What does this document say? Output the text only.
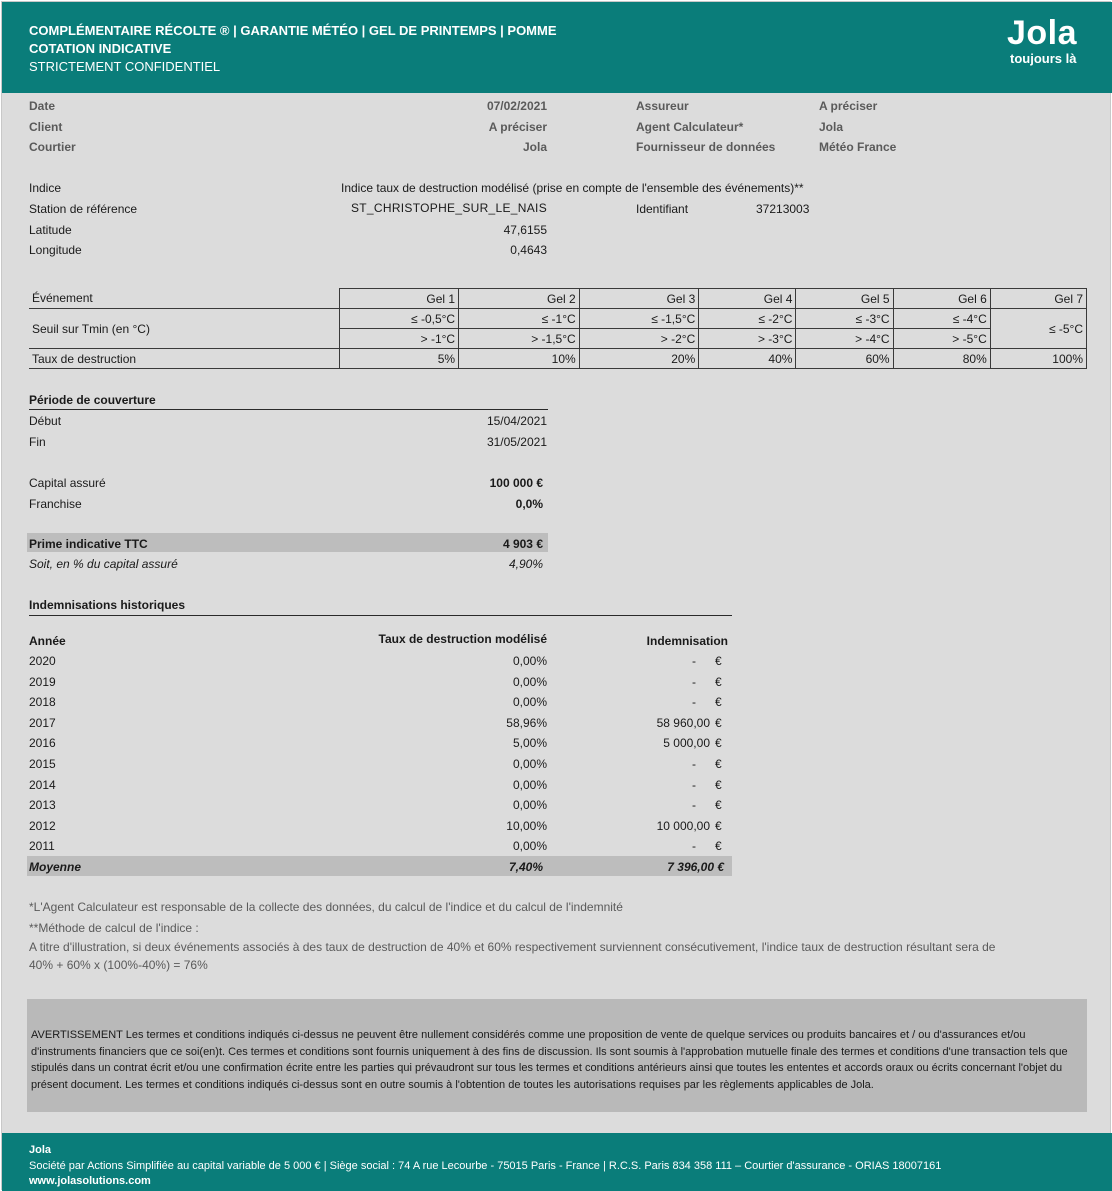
COMPLÉMENTAIRE RÉCOLTE ® | GARANTIE MÉTÉO | GEL DE PRINTEMPS | POMME
COTATION INDICATIVE
STRICTEMENT CONFIDENTIEL
Jola
toujours là
Date	07/02/2021
Client	A préciser
Courtier	Jola
Assureur	A préciser
Agent Calculateur*	Jola
Fournisseur de données	Météo France
Indice	Indice taux de destruction modélisé (prise en compte de l'ensemble des événements)**
Station de référence	ST_CHRISTOPHE_SUR_LE_NAIS	Identifiant	37213003
Latitude	47,6155
Longitude	0,4643
Événement	Gel 1	Gel 2	Gel 3	Gel 4	Gel 5	Gel 6	Gel 7
Seuil sur Tmin (en °C)	≤ -0,5°C	≤ -1°C	≤ -1,5°C	≤ -2°C	≤ -3°C	≤ -4°C	≤ -5°C
	> -1°C	> -1,5°C	> -2°C	> -3°C	> -4°C	> -5°C	
Taux de destruction	5%	10%	20%	40%	60%	80%	100%
Période de couverture
Début	15/04/2021
Fin	31/05/2021
Capital assuré	100 000 €
Franchise	0,0%
Prime indicative TTC	4 903 €
Soit, en % du capital assuré	4,90%
Indemnisations historiques
Année	Taux de destruction modélisé	Indemnisation
2020	0,00%	- €
2019	0,00%	- €
2018	0,00%	- €
2017	58,96%	58 960,00 €
2016	5,00%	5 000,00 €
2015	0,00%	- €
2014	0,00%	- €
2013	0,00%	- €
2012	10,00%	10 000,00 €
2011	0,00%	- €
Moyenne	7,40%	7 396,00 €
*L'Agent Calculateur est responsable de la collecte des données, du calcul de l'indice et du calcul de l'indemnité
**Méthode de calcul de l'indice :
A titre d'illustration, si deux événements associés à des taux de destruction de 40% et 60% respectivement surviennent consécutivement, l'indice taux de destruction résultant sera de
40% + 60% x (100%-40%) = 76%
AVERTISSEMENT Les termes et conditions indiqués ci-dessus ne peuvent être nullement considérés comme une proposition de vente de quelque services ou produits bancaires et / ou d'assurances et/ou d'instruments financiers que ce soi(en)t. Ces termes et conditions sont fournis uniquement à des fins de discussion. Ils sont soumis à l'approbation mutuelle finale des termes et conditions d'une transaction tels que stipulés dans un contrat écrit et/ou une confirmation écrite entre les parties qui prévaudront sur tous les termes et conditions antérieurs ainsi que toutes les ententes et accords oraux ou écrits concernant l'objet du présent document. Les termes et conditions indiqués ci-dessus sont en outre soumis à l'obtention de toutes les autorisations requises par les règlements applicables de Jola.
Jola
Société par Actions Simplifiée au capital variable de 5 000 € | Siège social : 74 A rue Lecourbe - 75015 Paris - France | R.C.S. Paris 834 358 111 – Courtier d'assurance - ORIAS 18007161
www.jolasolutions.com
